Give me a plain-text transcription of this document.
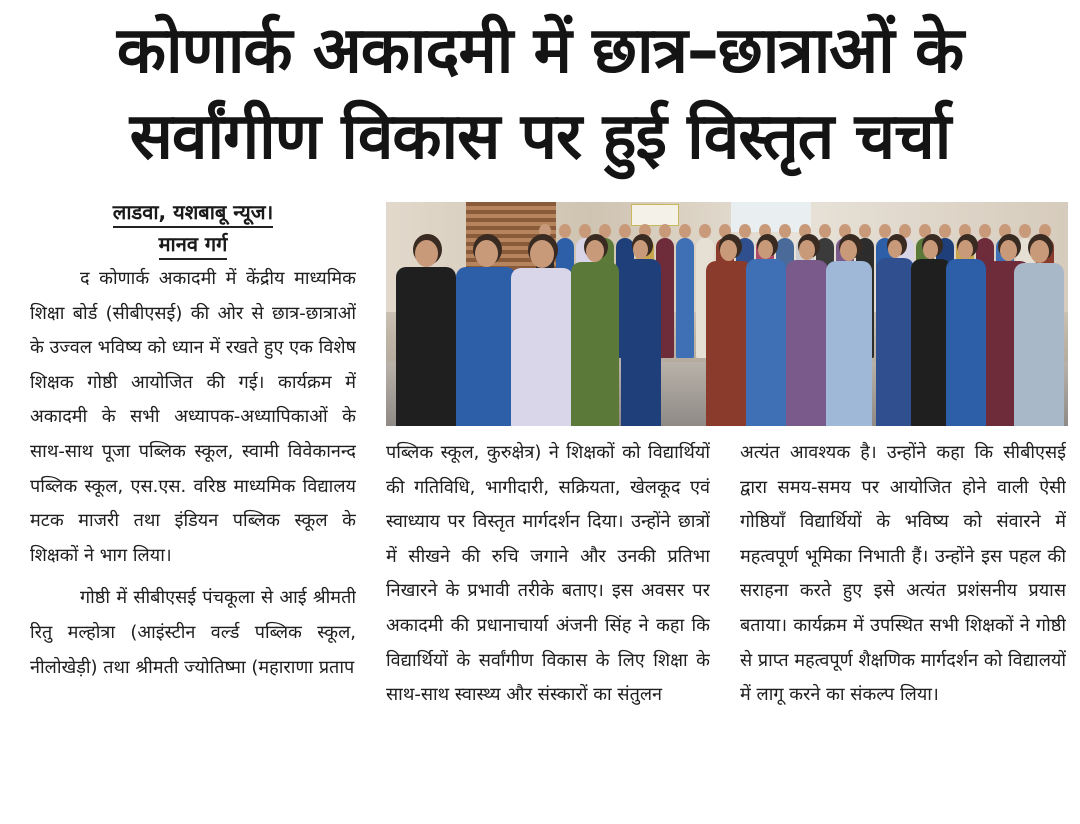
कोणार्क अकादमी में छात्र–छात्राओं के
सर्वांगीण विकास पर हुई विस्तृत चर्चा
लाडवा, यशबाबू न्यूज।
मानव गर्ग

द कोणार्क अकादमी में केंद्रीय माध्यमिक शिक्षा बोर्ड (सीबीएसई) की ओर से छात्र-छात्राओं के उज्वल भविष्य को ध्यान में रखते हुए एक विशेष शिक्षक गोष्ठी आयोजित की गई। कार्यक्रम में अकादमी के सभी अध्यापक-अध्यापिकाओं के साथ-साथ पूजा पब्लिक स्कूल, स्वामी विवेकानन्द पब्लिक स्कूल, एस.एस. वरिष्ठ माध्यमिक विद्यालय मटक माजरी तथा इंडियन पब्लिक स्कूल के शिक्षकों ने भाग लिया।

गोष्ठी में सीबीएसई पंचकूला से आई श्रीमती रितु मल्होत्रा (आइंस्टीन वर्ल्ड पब्लिक स्कूल, नीलोखेड़ी) तथा श्रीमती ज्योतिष्मा (महाराणा प्रताप

पब्लिक स्कूल, कुरुक्षेत्र) ने शिक्षकों को विद्यार्थियों की गतिविधि, भागीदारी, सक्रियता, खेलकूद एवं स्वाध्याय पर विस्तृत मार्गदर्शन दिया। उन्होंने छात्रों में सीखने की रुचि जगाने और उनकी प्रतिभा निखारने के प्रभावी तरीके बताए। इस अवसर पर अकादमी की प्रधानाचार्या अंजनी सिंह ने कहा कि विद्यार्थियों के सर्वांगीण विकास के लिए शिक्षा के साथ-साथ स्वास्थ्य और संस्कारों का संतुलन

अत्यंत आवश्यक है। उन्होंने कहा कि सीबीएसई द्वारा समय-समय पर आयोजित होने वाली ऐसी गोष्ठियाँ विद्यार्थियों के भविष्य को संवारने में महत्वपूर्ण भूमिका निभाती हैं। उन्होंने इस पहल की सराहना करते हुए इसे अत्यंत प्रशंसनीय प्रयास बताया। कार्यक्रम में उपस्थित सभी शिक्षकों ने गोष्ठी से प्राप्त महत्वपूर्ण शैक्षणिक मार्गदर्शन को विद्यालयों में लागू करने का संकल्प लिया।
